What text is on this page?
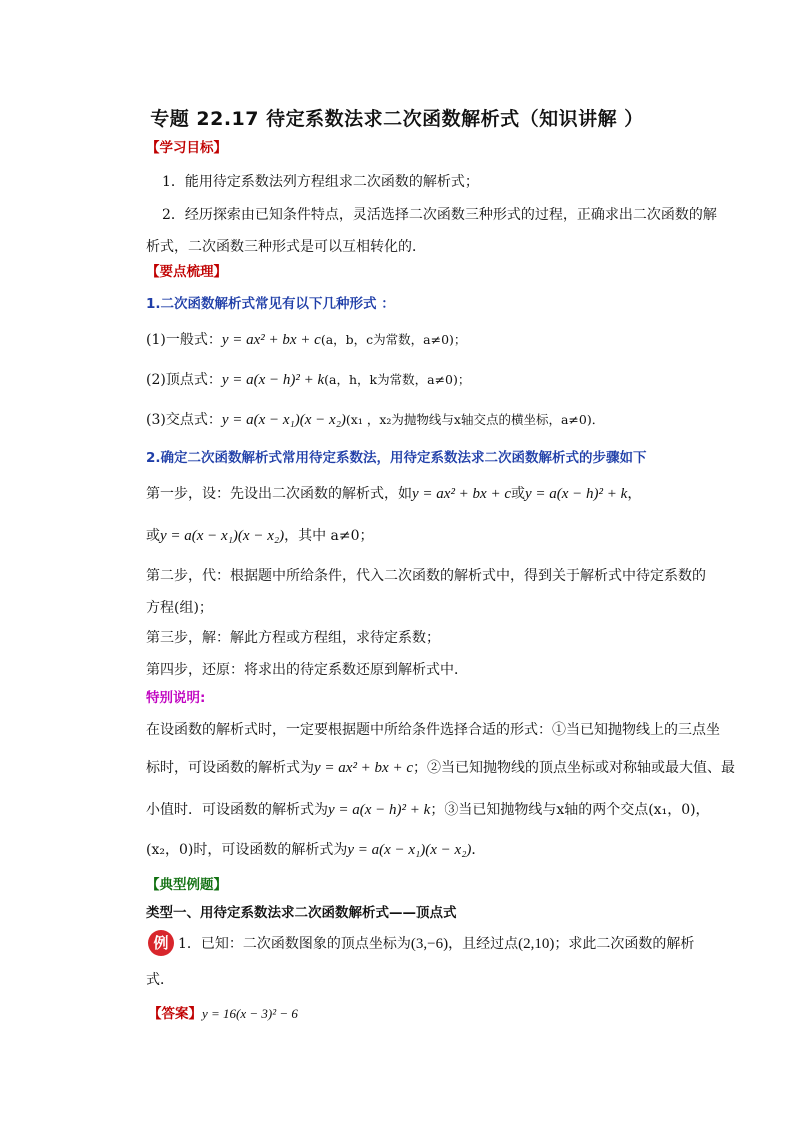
专题 22.17 待定系数法求二次函数解析式（知识讲解 ）
【学习目标】
1．能用待定系数法列方程组求二次函数的解析式；
2．经历探索由已知条件特点，灵活选择二次函数三种形式的过程，正确求出二次函数的解
析式，二次函数三种形式是可以互相转化的．
【要点梳理】
1.二次函数解析式常见有以下几种形式 ：
(1)一般式：y = ax² + bx + c(a，b，c为常数，a≠0)；
(2)顶点式：y = a(x − h)² + k(a，h，k为常数，a≠0)；
(3)交点式：y = a(x − x₁)(x − x₂)(x₁ ，x₂为抛物线与x轴交点的横坐标，a≠0)．
2.确定二次函数解析式常用待定系数法，用待定系数法求二次函数解析式的步骤如下
第一步，设：先设出二次函数的解析式，如y = ax² + bx + c或y = a(x − h)² + k，
或y = a(x − x₁)(x − x₂)，其中 a≠0；
第二步，代：根据题中所给条件，代入二次函数的解析式中，得到关于解析式中待定系数的
方程(组)；
第三步，解：解此方程或方程组，求待定系数；
第四步，还原：将求出的待定系数还原到解析式中．
特别说明:
在设函数的解析式时，一定要根据题中所给条件选择合适的形式：①当已知抛物线上的三点坐
标时，可设函数的解析式为y = ax² + bx + c；②当已知抛物线的顶点坐标或对称轴或最大值、最
小值时．可设函数的解析式为y = a(x − h)² + k；③当已知抛物线与x轴的两个交点(x₁，0)，
(x₂，0)时，可设函数的解析式为y = a(x − x₁)(x − x₂)．
【典型例题】
类型一、用待定系数法求二次函数解析式——顶点式
例 1．已知：二次函数图象的顶点坐标为(3,−6)，且经过点(2,10)；求此二次函数的解析
式．
【答案】y = 16(x − 3)² − 6
